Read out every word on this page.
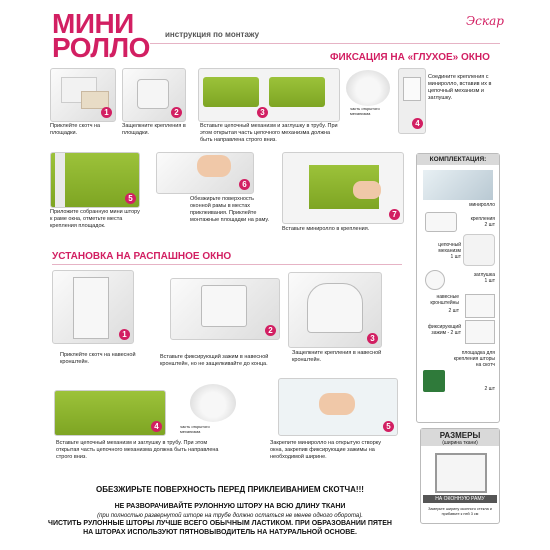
МИНИ
РОЛЛО инструкция по монтажу
Эскар
ФИКСАЦИЯ НА «ГЛУХОЕ» ОКНО
1
Приклейте скотч на площадки.
2
Защелкните крепления в площадки.
3
Вставьте цепочный механизм и заглушку в трубу. При этом открытая часть цепочного механизма должна быть направлена строго вниз.
часть открытого механизма
4
Соедините крепления с миниролло, вставив их в цепочный механизм и заглушку.
5
Приложите собранную мини штору к раме окна, отметьте места крепления площадок.
6
Обезжирьте поверхность оконной рамы в местах приклеивания. Приклейте монтажные площадки на раму.
7
Вставьте миниролло в крепления.
КОМПЛЕКТАЦИЯ:
миниролло
крепления
2 шт
цепочный механизм
1 шт
заглушка
1 шт
навесные кронштейны
2 шт
фиксирующий зажим - 2 шт
площадка для крепления шторы на скотч
2 шт
УСТАНОВКА НА РАСПАШНОЕ ОКНО
1
Приклейте скотч на навесной кронштейн.
2
Вставьте фиксирующий зажим в навесной кронштейн, но не защелкивайте до конца.
3
Защелкните крепления в навесной кронштейн.
4	часть открытого механизма
Вставьте цепочный механизм и заглушку в трубу. При этом открытая часть цепочного механизма должна быть направлена строго вниз.
5
Закрепите миниролло на открытую створку окна, закрепив фиксирующие зажимы на необходимой ширине.
РАЗМЕРЫ
(ширина ткани)
НА ОКОННУЮ РАМУ
Замерьте ширину оконного стекла и прибавьте к ней 3 см
ОБЕЗЖИРЬТЕ ПОВЕРХНОСТЬ ПЕРЕД ПРИКЛЕИВАНИЕМ СКОТЧА!!!
НЕ РАЗВОРАЧИВАЙТЕ РУЛОННУЮ ШТОРУ НА ВСЮ ДЛИНУ ТКАНИ
(при полностью развернутой шторе на трубе должно остаться не менее одного оборота).
ЧИСТИТЬ РУЛОННЫЕ ШТОРЫ ЛУЧШЕ ВСЕГО ОБЫЧНЫМ ЛАСТИКОМ. ПРИ ОБРАЗОВАНИИ ПЯТЕН
НА ШТОРАХ ИСПОЛЬЗУЮТ ПЯТНОВЫВОДИТЕЛЬ НА НАТУРАЛЬНОЙ ОСНОВЕ.
